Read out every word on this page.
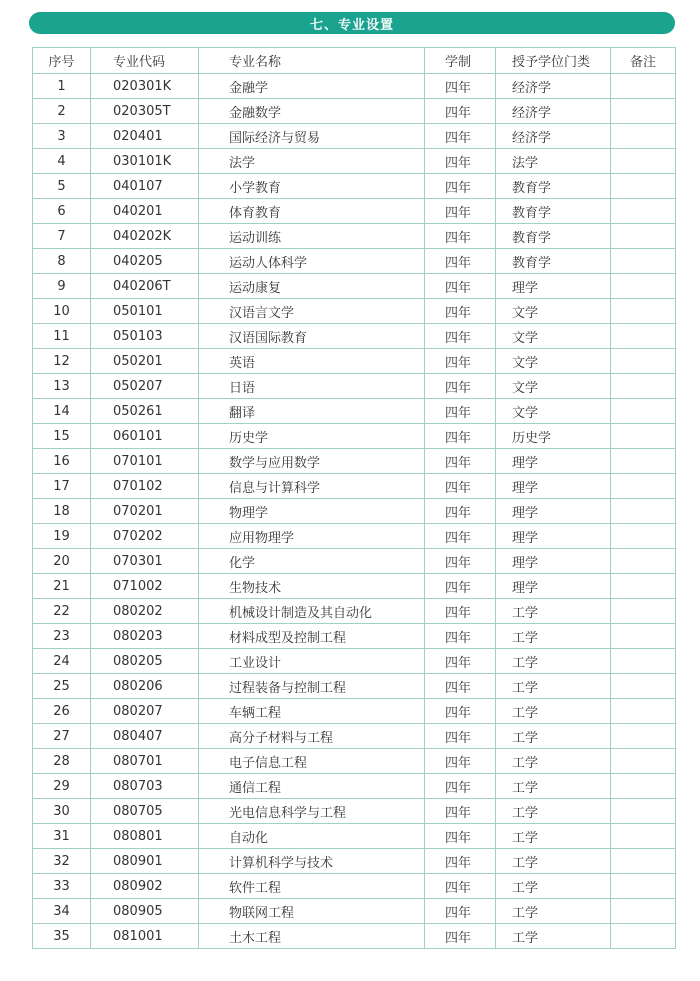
七、专业设置
序号	专业代码	专业名称	学制	授予学位门类	备注
1	020301K	金融学	四年	经济学	
2	020305T	金融数学	四年	经济学	
3	020401	国际经济与贸易	四年	经济学	
4	030101K	法学	四年	法学	
5	040107	小学教育	四年	教育学	
6	040201	体育教育	四年	教育学	
7	040202K	运动训练	四年	教育学	
8	040205	运动人体科学	四年	教育学	
9	040206T	运动康复	四年	理学	
10	050101	汉语言文学	四年	文学	
11	050103	汉语国际教育	四年	文学	
12	050201	英语	四年	文学	
13	050207	日语	四年	文学	
14	050261	翻译	四年	文学	
15	060101	历史学	四年	历史学	
16	070101	数学与应用数学	四年	理学	
17	070102	信息与计算科学	四年	理学	
18	070201	物理学	四年	理学	
19	070202	应用物理学	四年	理学	
20	070301	化学	四年	理学	
21	071002	生物技术	四年	理学	
22	080202	机械设计制造及其自动化	四年	工学	
23	080203	材料成型及控制工程	四年	工学	
24	080205	工业设计	四年	工学	
25	080206	过程装备与控制工程	四年	工学	
26	080207	车辆工程	四年	工学	
27	080407	高分子材料与工程	四年	工学	
28	080701	电子信息工程	四年	工学	
29	080703	通信工程	四年	工学	
30	080705	光电信息科学与工程	四年	工学	
31	080801	自动化	四年	工学	
32	080901	计算机科学与技术	四年	工学	
33	080902	软件工程	四年	工学	
34	080905	物联网工程	四年	工学	
35	081001	土木工程	四年	工学	
